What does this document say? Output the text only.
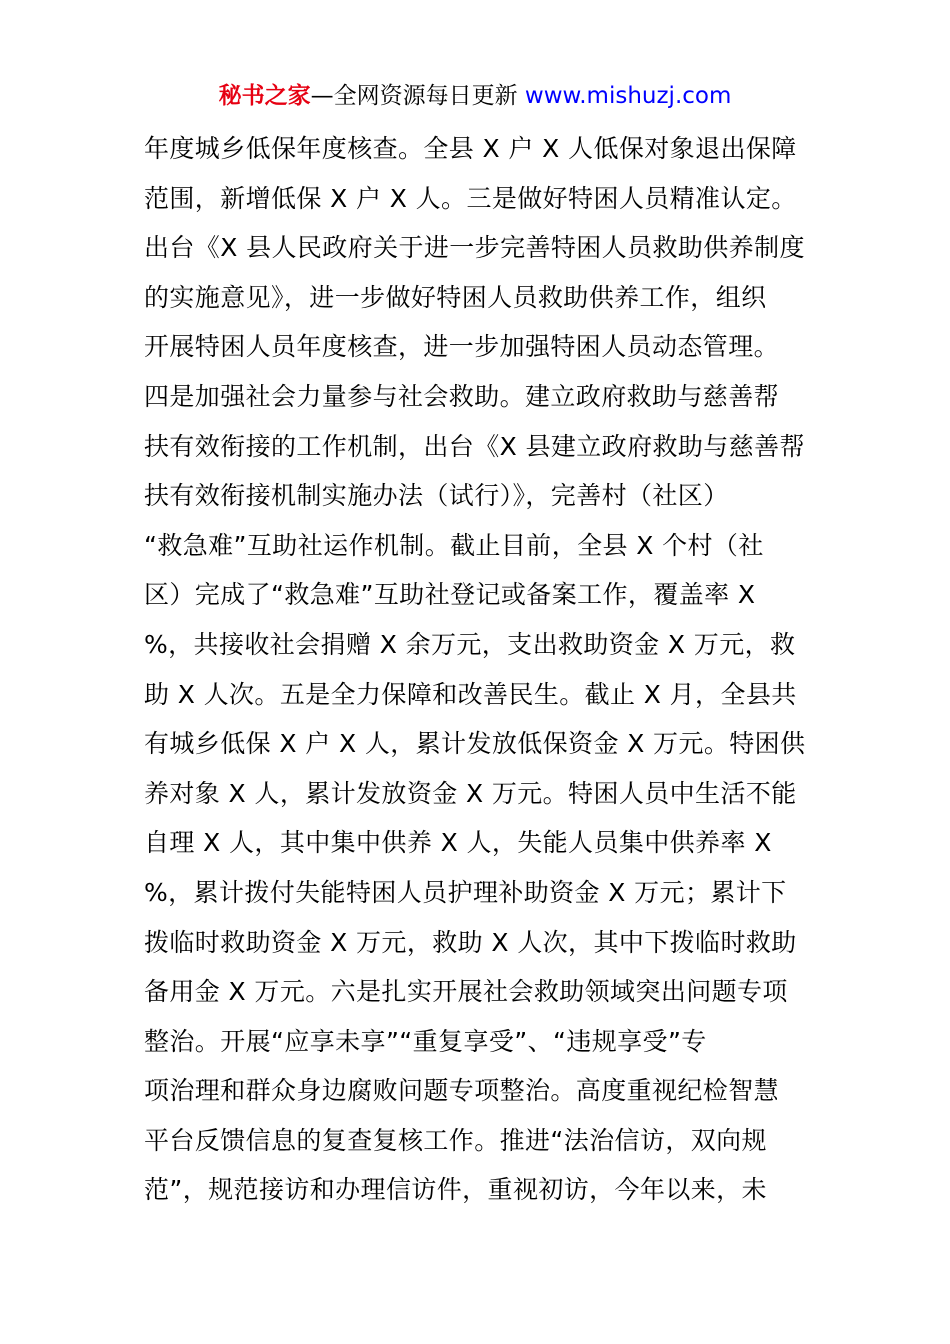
秘书之家—全网资源每日更新 www.mishuzj.com
年度城乡低保年度核查。全县 X 户 X 人低保对象退出保障
范围，新增低保 X 户 X 人。三是做好特困人员精准认定。
出台《X 县人民政府关于进一步完善特困人员救助供养制度
的实施意见》，进一步做好特困人员救助供养工作，组织
开展特困人员年度核查，进一步加强特困人员动态管理。
四是加强社会力量参与社会救助。建立政府救助与慈善帮
扶有效衔接的工作机制，出台《X 县建立政府救助与慈善帮
扶有效衔接机制实施办法（试行）》，完善村（社区）
“救急难”互助社运作机制。截止目前，全县 X 个村（社
区）完成了“救急难”互助社登记或备案工作，覆盖率 X
%，共接收社会捐赠 X 余万元，支出救助资金 X 万元，救
助 X 人次。五是全力保障和改善民生。截止 X 月，全县共
有城乡低保 X 户 X 人，累计发放低保资金 X 万元。特困供
养对象 X 人，累计发放资金 X 万元。特困人员中生活不能
自理 X 人，其中集中供养 X 人，失能人员集中供养率 X
%，累计拨付失能特困人员护理补助资金 X 万元；累计下
拨临时救助资金 X 万元，救助 X 人次，其中下拨临时救助
备用金 X 万元。六是扎实开展社会救助领域突出问题专项
整治。开展“应享未享”“重复享受”、“违规享受”专
项治理和群众身边腐败问题专项整治。高度重视纪检智慧
平台反馈信息的复查复核工作。推进“法治信访，双向规
范”，规范接访和办理信访件，重视初访，今年以来，未
